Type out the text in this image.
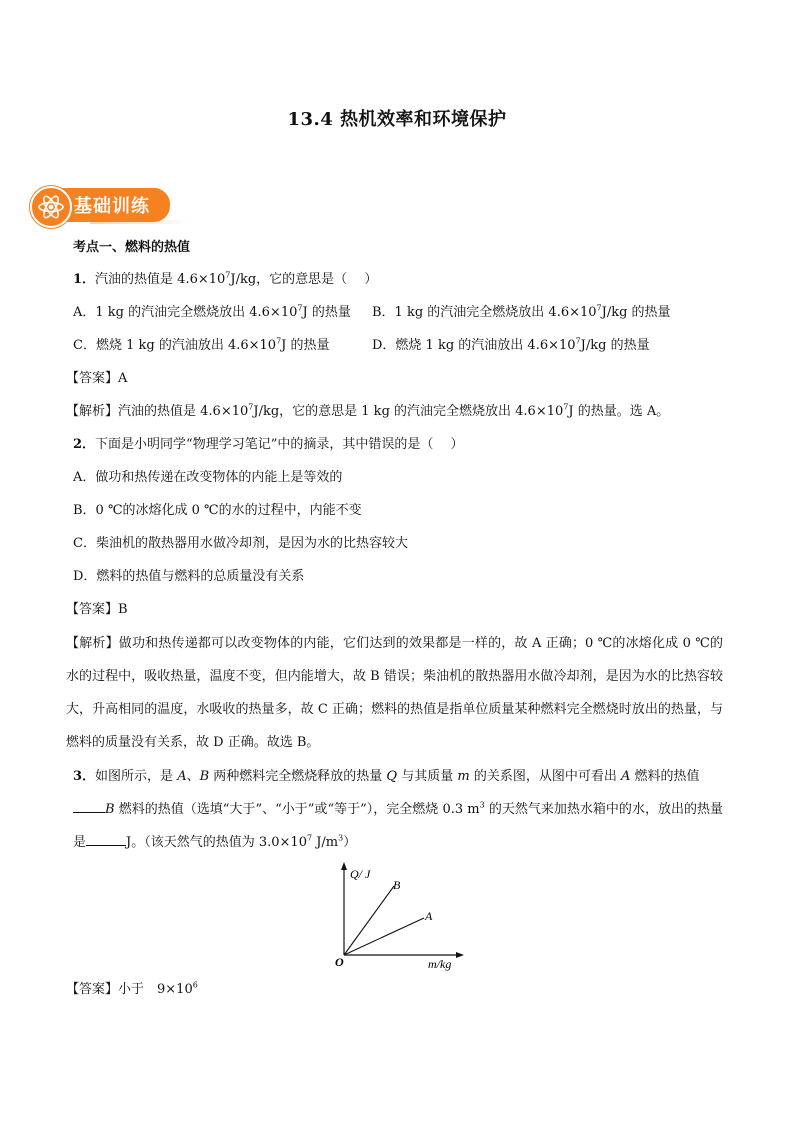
13.4 热机效率和环境保护
基础训练
考点一、燃料的热值
1．汽油的热值是 $4.6\times 10^7J/kg$，它的意思是（　 ）
A．1 kg 的汽油完全燃烧放出 $4.6\times 10^7J$ 的热量 B．1 kg 的汽油完全燃烧放出 $4.6\times 10^7J/kg$ 的热量
C．燃烧 1 kg 的汽油放出 $4.6\times 10^7J$ 的热量	D．燃烧 1 kg 的汽油放出 $4.6\times 10^7J/kg$ 的热量
【答案】A
【解析】汽油的热值是 $4.6\times 10^7J/kg$，它的意思是 1 kg 的汽油完全燃烧放出 $4.6\times 10^7J$ 的热量。选 A。
2．下面是小明同学“物理学习笔记”中的摘录，其中错误的是（　 ）
A．做功和热传递在改变物体的内能上是等效的
B．0 ℃的冰熔化成 0 ℃的水的过程中，内能不变
C．柴油机的散热器用水做冷却剂，是因为水的比热容较大
D．燃料的热值与燃料的总质量没有关系
【答案】B
【解析】做功和热传递都可以改变物体的内能，它们达到的效果都是一样的，故 A 正确；0 ℃的冰熔化成 0 ℃的水的过程中，吸收热量，温度不变，但内能增大，故 B 错误；柴油机的散热器用水做冷却剂，是因为水的比热容较大，升高相同的温度，水吸收的热量多，故 C 正确；燃料的热值是指单位质量某种燃料完全燃烧时放出的热量，与燃料的质量没有关系，故 D 正确。故选 B。
3．如图所示，是 A、B 两种燃料完全燃烧释放的热量 Q 与其质量 m 的关系图，从图中可看出 A 燃料的热值
B 燃料的热值（选填“大于”、“小于”或“等于”），完全燃烧 0.3 $m^3$ 的天然气来加热水箱中的水，放出的热量是	J。（该天然气的热值为 $3.0\times 10^7$ $J/m^3$）
Q/ J
m/kg
O
B
A
【答案】小于　$9\times 10^6$
